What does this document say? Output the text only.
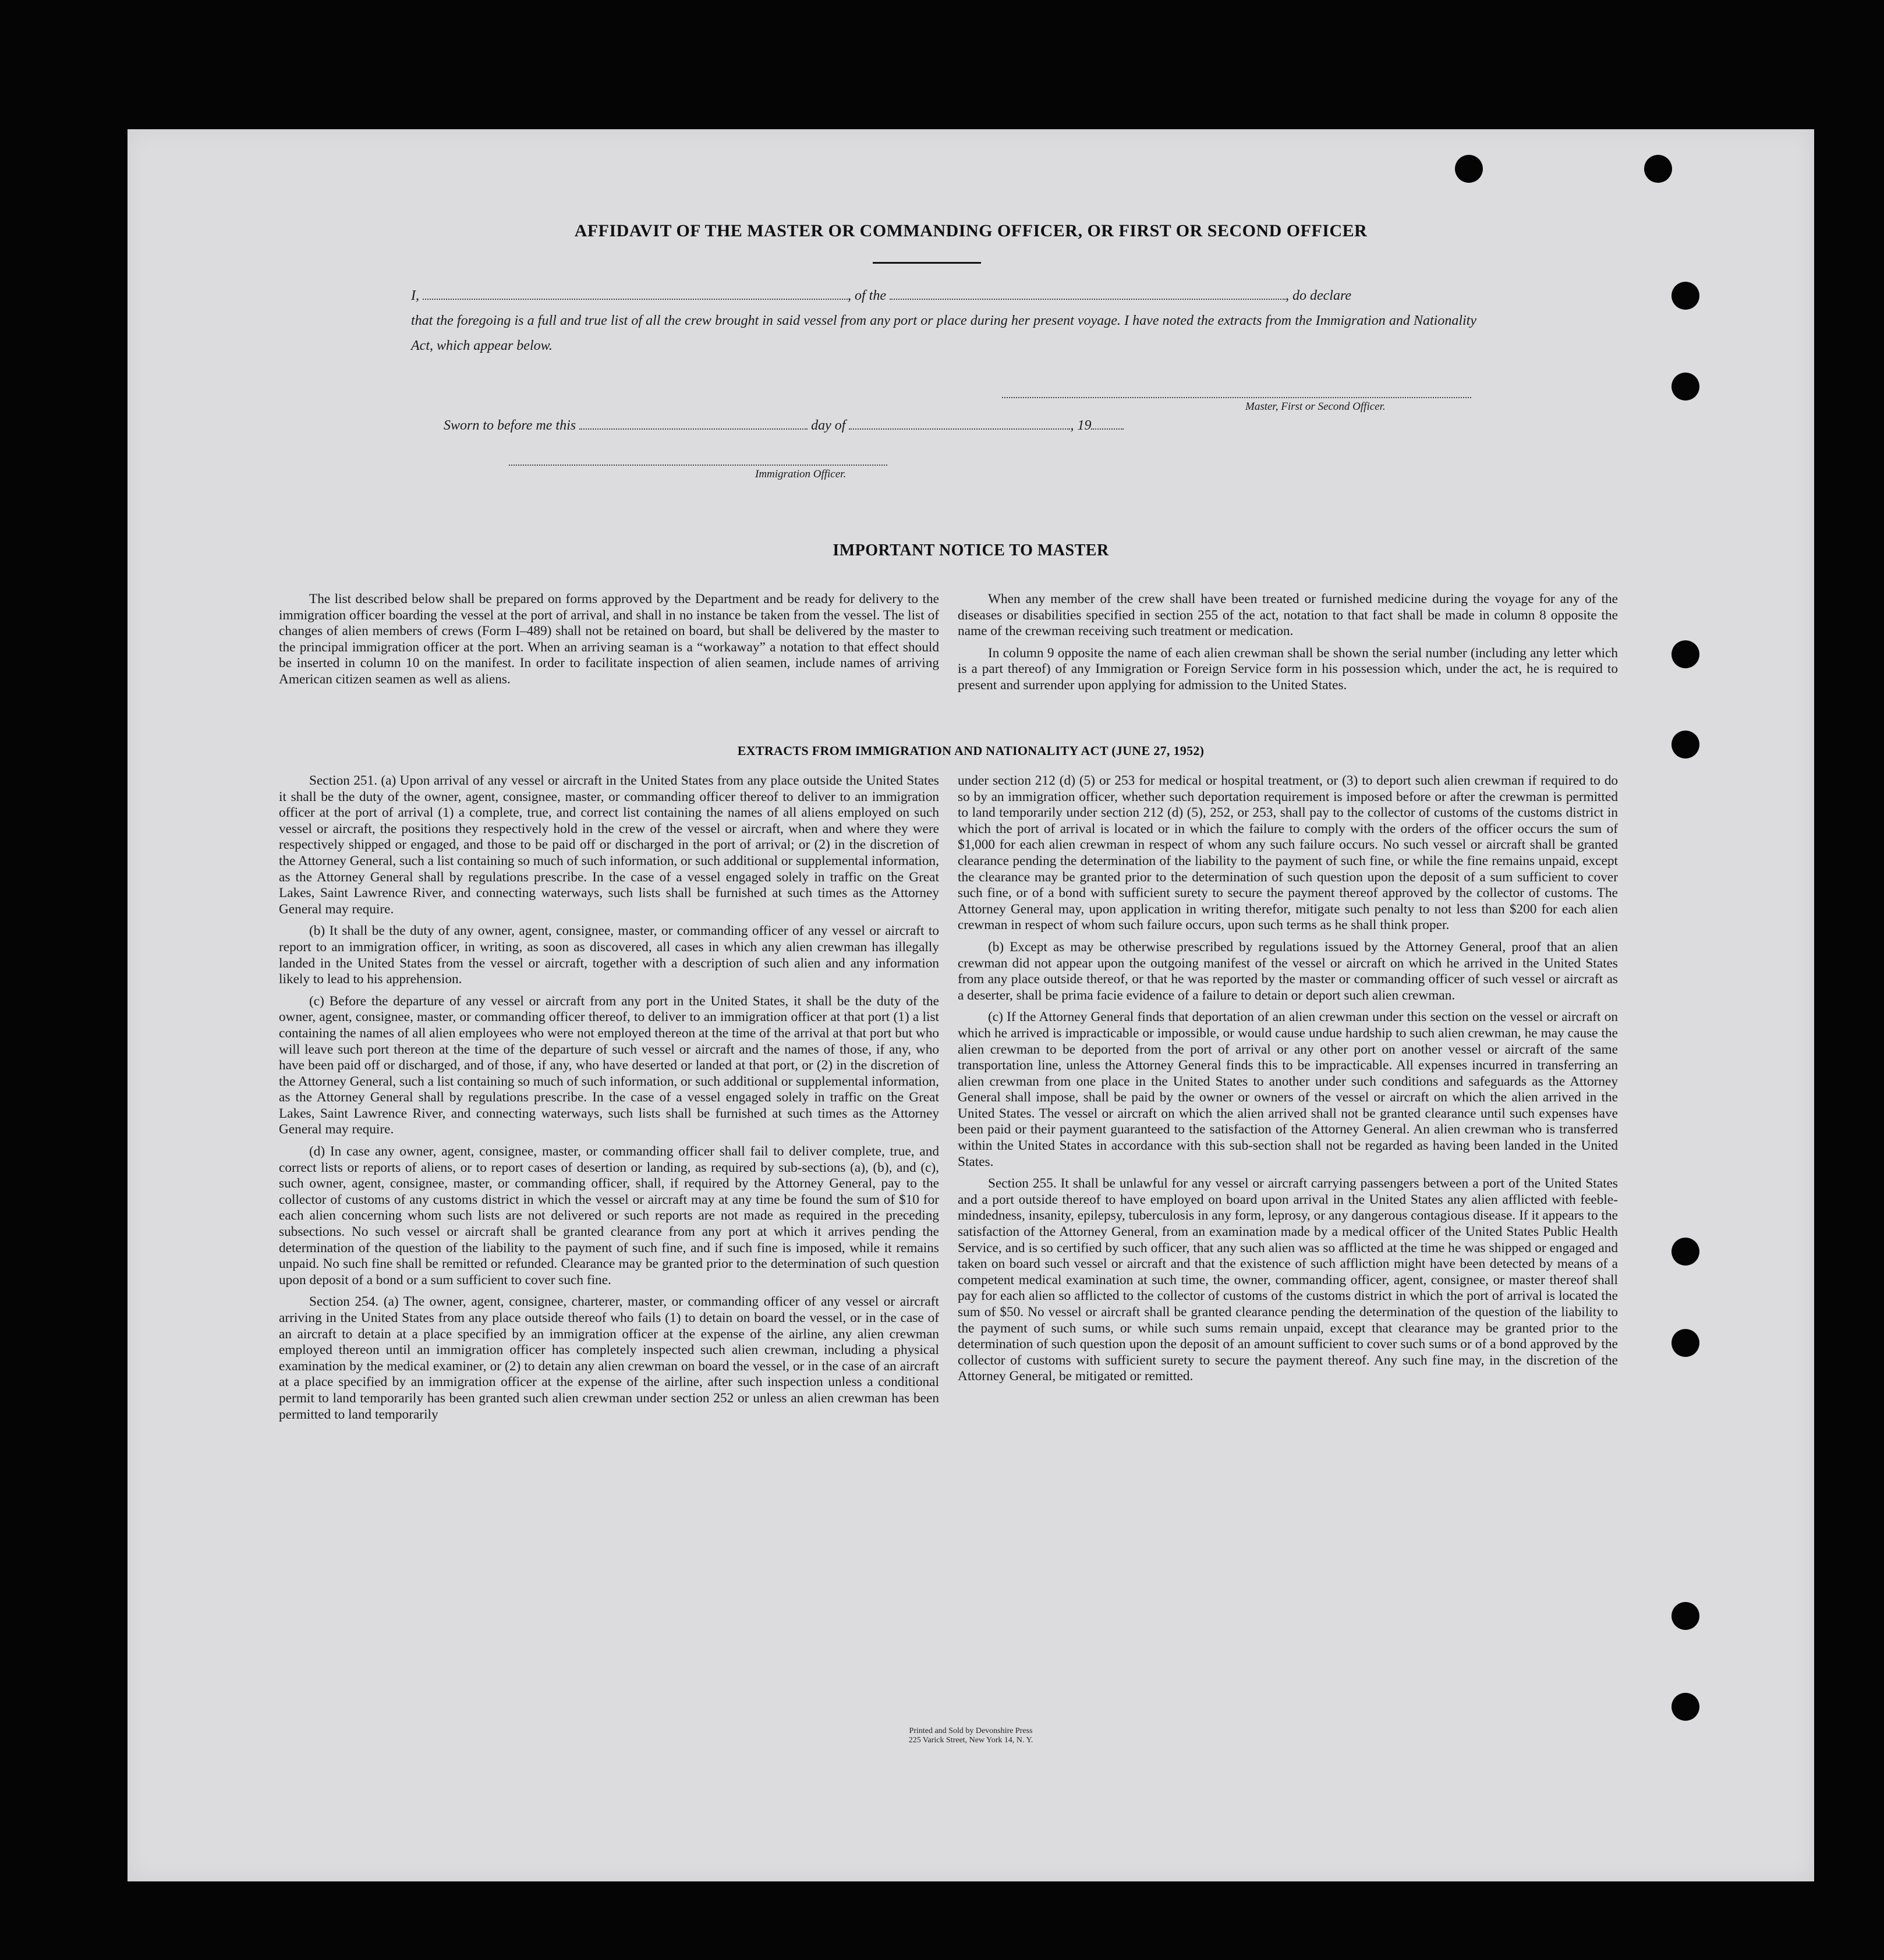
AFFIDAVIT OF THE MASTER OR COMMANDING OFFICER, OR FIRST OR SECOND OFFICER
I,	, of the	, do declare
that the foregoing is a full and true list of all the crew brought in said vessel from any port or place during her present voyage. I have noted the extracts from the Immigration and Nationality Act, which appear below.
Master, First or Second Officer.
Sworn to before me this	day of	, 19
Immigration Officer.
IMPORTANT NOTICE TO MASTER

The list described below shall be prepared on forms approved by the Department and be ready for delivery to the immigration officer boarding the vessel at the port of arrival, and shall in no instance be taken from the vessel. The list of changes of alien members of crews (Form I–489) shall not be retained on board, but shall be delivered by the master to the principal immigration officer at the port. When an arriving seaman is a “workaway” a notation to that effect should be inserted in column 10 on the manifest. In order to facilitate inspection of alien seamen, include names of arriving American citizen seamen as well as aliens.

When any member of the crew shall have been treated or furnished medicine during the voyage for any of the diseases or disabilities specified in section 255 of the act, notation to that fact shall be made in column 8 opposite the name of the crewman receiving such treatment or medication.

In column 9 opposite the name of each alien crewman shall be shown the serial number (including any letter which is a part thereof) of any Immigration or Foreign Service form in his possession which, under the act, he is required to present and surrender upon applying for admission to the United States.

EXTRACTS FROM IMMIGRATION AND NATIONALITY ACT (JUNE 27, 1952)

Section 251. (a) Upon arrival of any vessel or aircraft in the United States from any place outside the United States it shall be the duty of the owner, agent, consignee, master, or commanding officer thereof to deliver to an immigration officer at the port of arrival (1) a complete, true, and correct list containing the names of all aliens employed on such vessel or aircraft, the positions they respectively hold in the crew of the vessel or aircraft, when and where they were respectively shipped or engaged, and those to be paid off or discharged in the port of arrival; or (2) in the discretion of the Attorney General, such a list containing so much of such information, or such additional or supplemental information, as the Attorney General shall by regulations prescribe. In the case of a vessel engaged solely in traffic on the Great Lakes, Saint Lawrence River, and connecting waterways, such lists shall be furnished at such times as the Attorney General may require.

(b) It shall be the duty of any owner, agent, consignee, master, or commanding officer of any vessel or aircraft to report to an immigration officer, in writing, as soon as discovered, all cases in which any alien crewman has illegally landed in the United States from the vessel or aircraft, together with a description of such alien and any information likely to lead to his apprehension.

(c) Before the departure of any vessel or aircraft from any port in the United States, it shall be the duty of the owner, agent, consignee, master, or commanding officer thereof, to deliver to an immigration officer at that port (1) a list containing the names of all alien employees who were not employed thereon at the time of the arrival at that port but who will leave such port thereon at the time of the departure of such vessel or aircraft and the names of those, if any, who have been paid off or discharged, and of those, if any, who have deserted or landed at that port, or (2) in the discretion of the Attorney General, such a list containing so much of such information, or such additional or supplemental information, as the Attorney General shall by regulations prescribe. In the case of a vessel engaged solely in traffic on the Great Lakes, Saint Lawrence River, and connecting waterways, such lists shall be furnished at such times as the Attorney General may require.

(d) In case any owner, agent, consignee, master, or commanding officer shall fail to deliver complete, true, and correct lists or reports of aliens, or to report cases of desertion or landing, as required by sub-sections (a), (b), and (c), such owner, agent, consignee, master, or commanding officer, shall, if required by the Attorney General, pay to the collector of customs of any customs district in which the vessel or aircraft may at any time be found the sum of $10 for each alien concerning whom such lists are not delivered or such reports are not made as required in the preceding subsections. No such vessel or aircraft shall be granted clearance from any port at which it arrives pending the determination of the question of the liability to the payment of such fine, and if such fine is imposed, while it remains unpaid. No such fine shall be remitted or refunded. Clearance may be granted prior to the determination of such question upon deposit of a bond or a sum sufficient to cover such fine.

Section 254. (a) The owner, agent, consignee, charterer, master, or commanding officer of any vessel or aircraft arriving in the United States from any place outside thereof who fails (1) to detain on board the vessel, or in the case of an aircraft to detain at a place specified by an immigration officer at the expense of the airline, any alien crewman employed thereon until an immigration officer has completely inspected such alien crewman, including a physical examination by the medical examiner, or (2) to detain any alien crewman on board the vessel, or in the case of an aircraft at a place specified by an immigration officer at the expense of the airline, after such inspection unless a conditional permit to land temporarily has been granted such alien crewman under section 252 or unless an alien crewman has been permitted to land temporarily

under section 212 (d) (5) or 253 for medical or hospital treatment, or (3) to deport such alien crewman if required to do so by an immigration officer, whether such deportation requirement is imposed before or after the crewman is permitted to land temporarily under section 212 (d) (5), 252, or 253, shall pay to the collector of customs of the customs district in which the port of arrival is located or in which the failure to comply with the orders of the officer occurs the sum of $1,000 for each alien crewman in respect of whom any such failure occurs. No such vessel or aircraft shall be granted clearance pending the determination of the liability to the payment of such fine, or while the fine remains unpaid, except the clearance may be granted prior to the determination of such question upon the deposit of a sum sufficient to cover such fine, or of a bond with sufficient surety to secure the payment thereof approved by the collector of customs. The Attorney General may, upon application in writing therefor, mitigate such penalty to not less than $200 for each alien crewman in respect of whom such failure occurs, upon such terms as he shall think proper.

(b) Except as may be otherwise prescribed by regulations issued by the Attorney General, proof that an alien crewman did not appear upon the outgoing manifest of the vessel or aircraft on which he arrived in the United States from any place outside thereof, or that he was reported by the master or commanding officer of such vessel or aircraft as a deserter, shall be prima facie evidence of a failure to detain or deport such alien crewman.

(c) If the Attorney General finds that deportation of an alien crewman under this section on the vessel or aircraft on which he arrived is impracticable or impossible, or would cause undue hardship to such alien crewman, he may cause the alien crewman to be deported from the port of arrival or any other port on another vessel or aircraft of the same transportation line, unless the Attorney General finds this to be impracticable. All expenses incurred in transferring an alien crewman from one place in the United States to another under such conditions and safeguards as the Attorney General shall impose, shall be paid by the owner or owners of the vessel or aircraft on which the alien arrived in the United States. The vessel or aircraft on which the alien arrived shall not be granted clearance until such expenses have been paid or their payment guaranteed to the satisfaction of the Attorney General. An alien crewman who is transferred within the United States in accordance with this sub-section shall not be regarded as having been landed in the United States.

Section 255. It shall be unlawful for any vessel or aircraft carrying passengers between a port of the United States and a port outside thereof to have employed on board upon arrival in the United States any alien afflicted with feeble-mindedness, insanity, epilepsy, tuberculosis in any form, leprosy, or any dangerous contagious disease. If it appears to the satisfaction of the Attorney General, from an examination made by a medical officer of the United States Public Health Service, and is so certified by such officer, that any such alien was so afflicted at the time he was shipped or engaged and taken on board such vessel or aircraft and that the existence of such affliction might have been detected by means of a competent medical examination at such time, the owner, commanding officer, agent, consignee, or master thereof shall pay for each alien so afflicted to the collector of customs of the customs district in which the port of arrival is located the sum of $50. No vessel or aircraft shall be granted clearance pending the determination of the question of the liability to the payment of such sums, or while such sums remain unpaid, except that clearance may be granted prior to the determination of such question upon the deposit of an amount sufficient to cover such sums or of a bond approved by the collector of customs with sufficient surety to secure the payment thereof. Any such fine may, in the discretion of the Attorney General, be mitigated or remitted.

Printed and Sold by Devonshire Press
225 Varick Street, New York 14, N. Y.
